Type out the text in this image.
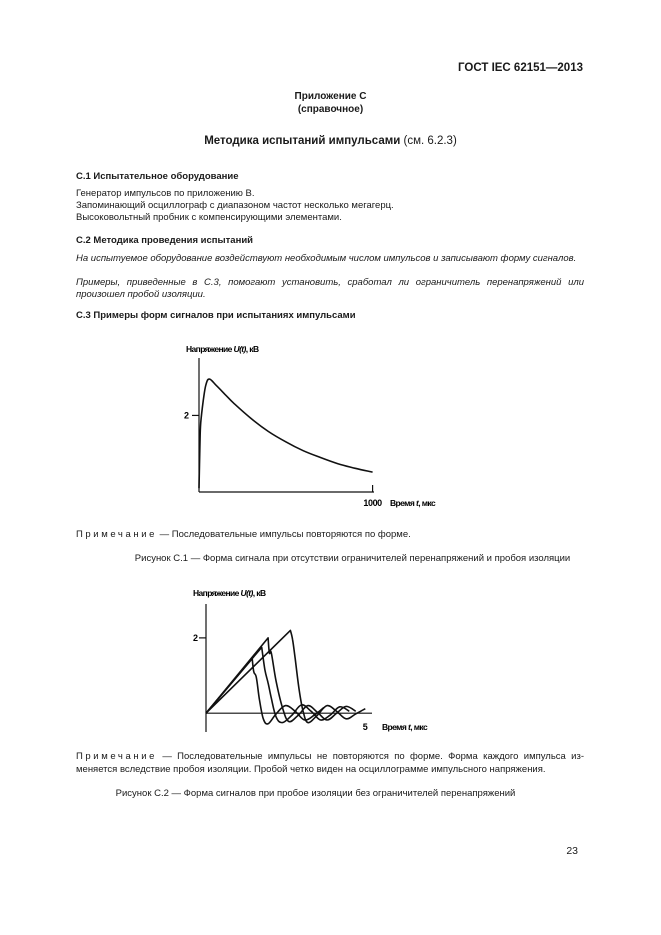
ГОСТ IEC 62151—2013
Приложение С
(справочное)
Методика испытаний импульсами (см. 6.2.3)
С.1 Испытательное оборудование
Генератор импульсов по приложению В.
Запоминающий осциллограф с диапазоном частот несколько мегагерц.
Высоковольтный пробник с компенсирующими элементами.
С.2 Методика проведения испытаний
На испытуемое оборудование воздействуют необходимым числом импульсов и записывают форму сигналов.
Примеры, приведенные в С.3, помогают установить, сработал ли ограничитель перенапряжений или произошел пробой изоляции.
С.3 Примеры форм сигналов при испытаниях импульсами
Напряжение U(t), кВ
2
1000 Время t, мкс
Примечание — Последовательные импульсы повторяются по форме.
Рисунок С.1 — Форма сигнала при отсутствии ограничителей перенапряжений и пробоя изоляции
Напряжение U(t), кВ
2
5 Время t, мкс
Примечание — Последовательные импульсы не повторяются по форме. Форма каждого импульса из-меняется вследствие пробоя изоляции. Пробой четко виден на осциллограмме импульсного напряжения.
Рисунок С.2 — Форма сигналов при пробое изоляции без ограничителей перенапряжений
23
